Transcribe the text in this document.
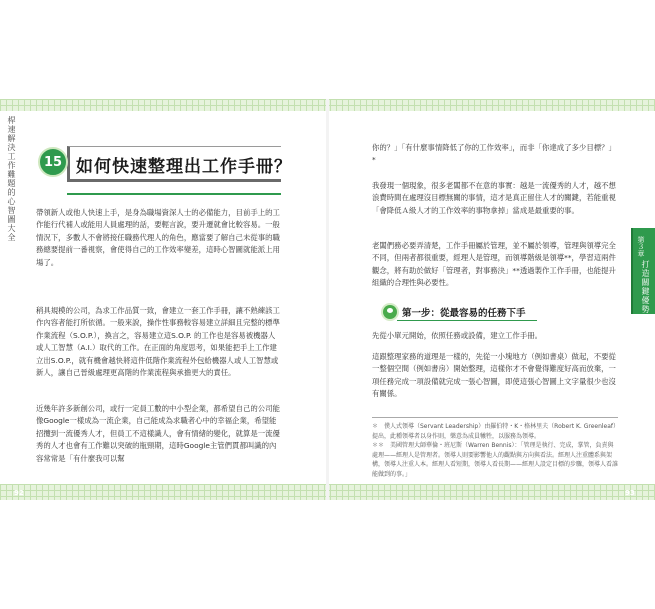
桿速解決工作難題的心智圖大全
第３章
打造關鍵優勢
15 如何快速整理出工作手冊？

帶領新人或他人快速上手，是身為職場資深人士的必備能力，目前手上的工作能行代補人或能用人員處理的話，要輕言說，要升遷就會比較容易。一般情況下，多數人不會將接任職務代理人的角色，應當要了解自己未從事的職務總要提前一番視察，會使得自己的工作效率變差，這時心智圖就能派上用場了。

稍具規模的公司，為求工作品質一致，會建立一套工作手冊，讓不熟練該工作內容者能打所依循。一般來說，操作性事務較容易建立詳細且完整的標準作業流程（S.O.P.），換言之，容易建立這S.O.P. 的工作也是容易被機器人或人工智慧（A.I.）取代的工作。在正面的角度思考，如果能把手上工作建立出S.O.P.，就有機會越快將這件低階作業流程外包給機器人或人工智慧或新人，讓自己晉級處理更高階的作業流程與承擔更大的責任。

近幾年許多新創公司，或行一定員工數的中小型企業，都希望自己的公司能像Google一樣成為一流企業，自己能成為求職者心中的幸福企業，希望能招攬到一流優秀人才，但員工不這樣識人，會有情緒的變化，就算是一流優秀的人才也會有工作難以突破的瓶頸期，這時Google主管們貫都叫識的內容常常是「有什麼我可以幫

你的？」「有什麼事情降低了你的工作效率」，而非「你達成了多少目標？」*

我發現一個現象，很多老闆都不在意的事實：越是一流優秀的人才，越不想浪費時間在處理沒目標無關的事情，這才是真正留住人才的關鍵，若能重視「會降低Ａ級人才的工作效率的事物拿掉」當成是最重要的事。

老闆們務必要弄清楚，工作手冊屬於管理，並不屬於領導，管理與領導完全不同，但兩者都很重要，經理人是管理，而領導階級是領導**，學習這兩件觀念，將有助於做好「管理者，對事務決」**透過製作工作手冊，也能提升組織的合理性與必要性。

第一步：從最容易的任務下手

先從小單元開始，依照任務或設備，建立工作手冊。

這跟整理家務的道理是一樣的，先從一小塊地方（例如書桌）做起，不要從一整個空間（例如書房）開始整理，這樣你才不會覺得難度好高而放棄，一項任務完成一項設備就完成一張心智圖，即使這張心智圖上文字量很少也沒有關係。

＊　僕人式領導（Servant Leadership）由羅伯特・K・格林里夫（Robert K. Greenleaf）提出，此種領導者以身作則，樂意為成員犧牲，以服務為領導。

＊＊　美國管理大師華倫・班尼斯（Warren Bennis）：「管理是執行、完成，掌管，負責與處理——經理人是管理者。領導人則要影響他人的觀點與方向與看法。經理人注重體系與架構，領導人注重人本。經理人看短期，領導人看長期——經理人設定目標的步驟，領導人看誰能做到的事。」

92	93
